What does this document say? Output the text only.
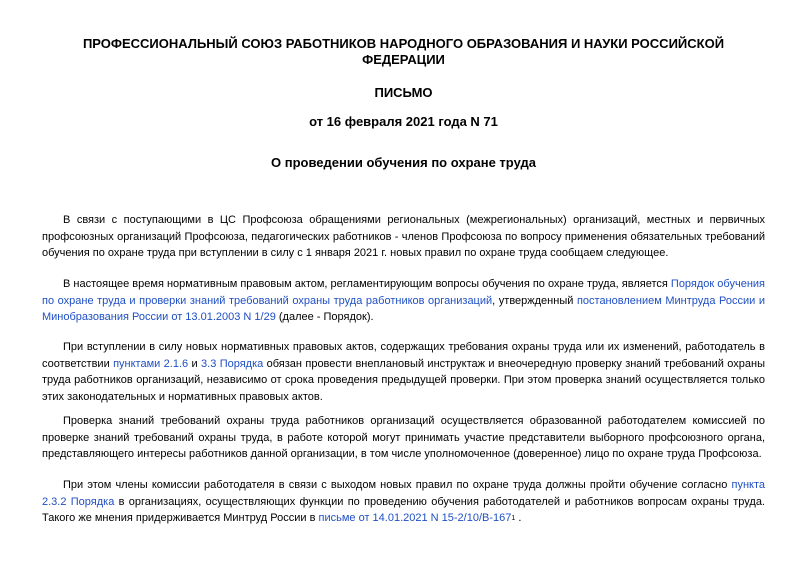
ПРОФЕССИОНАЛЬНЫЙ СОЮЗ РАБОТНИКОВ НАРОДНОГО ОБРАЗОВАНИЯ И НАУКИ РОССИЙСКОЙ ФЕДЕРАЦИИ
ПИСЬМО
от 16 февраля 2021 года N 71
О проведении обучения по охране труда

В связи с поступающими в ЦС Профсоюза обращениями региональных (межрегиональных) организаций, местных и первичных профсоюзных организаций Профсоюза, педагогических работников - членов Профсоюза по вопросу применения обязательных требований обучения по охране труда при вступлении в силу с 1 января 2021 г. новых правил по охране труда сообщаем следующее.

В настоящее время нормативным правовым актом, регламентирующим вопросы обучения по охране труда, является Порядок обучения по охране труда и проверки знаний требований охраны труда работников организаций, утвержденный постановлением Минтруда России и Минобразования России от 13.01.2003 N 1/29 (далее - Порядок).

При вступлении в силу новых нормативных правовых актов, содержащих требования охраны труда или их изменений, работодатель в соответствии пунктами 2.1.6 и 3.3 Порядка обязан провести внеплановый инструктаж и внеочередную проверку знаний требований охраны труда работников организаций, независимо от срока проведения предыдущей проверки. При этом проверка знаний осуществляется только этих законодательных и нормативных правовых актов.

Проверка знаний требований охраны труда работников организаций осуществляется образованной работодателем комиссией по проверке знаний требований охраны труда, в работе которой могут принимать участие представители выборного профсоюзного органа, представляющего интересы работников данной организации, в том числе уполномоченное (доверенное) лицо по охране труда Профсоюза.

При этом члены комиссии работодателя в связи с выходом новых правил по охране труда должны пройти обучение согласно пункта 2.3.2 Порядка в организациях, осуществляющих функции по проведению обучения работодателей и работников вопросам охраны труда. Такого же мнения придерживается Минтруд России в письме от 14.01.2021 N 15-2/10/В-1671 .
